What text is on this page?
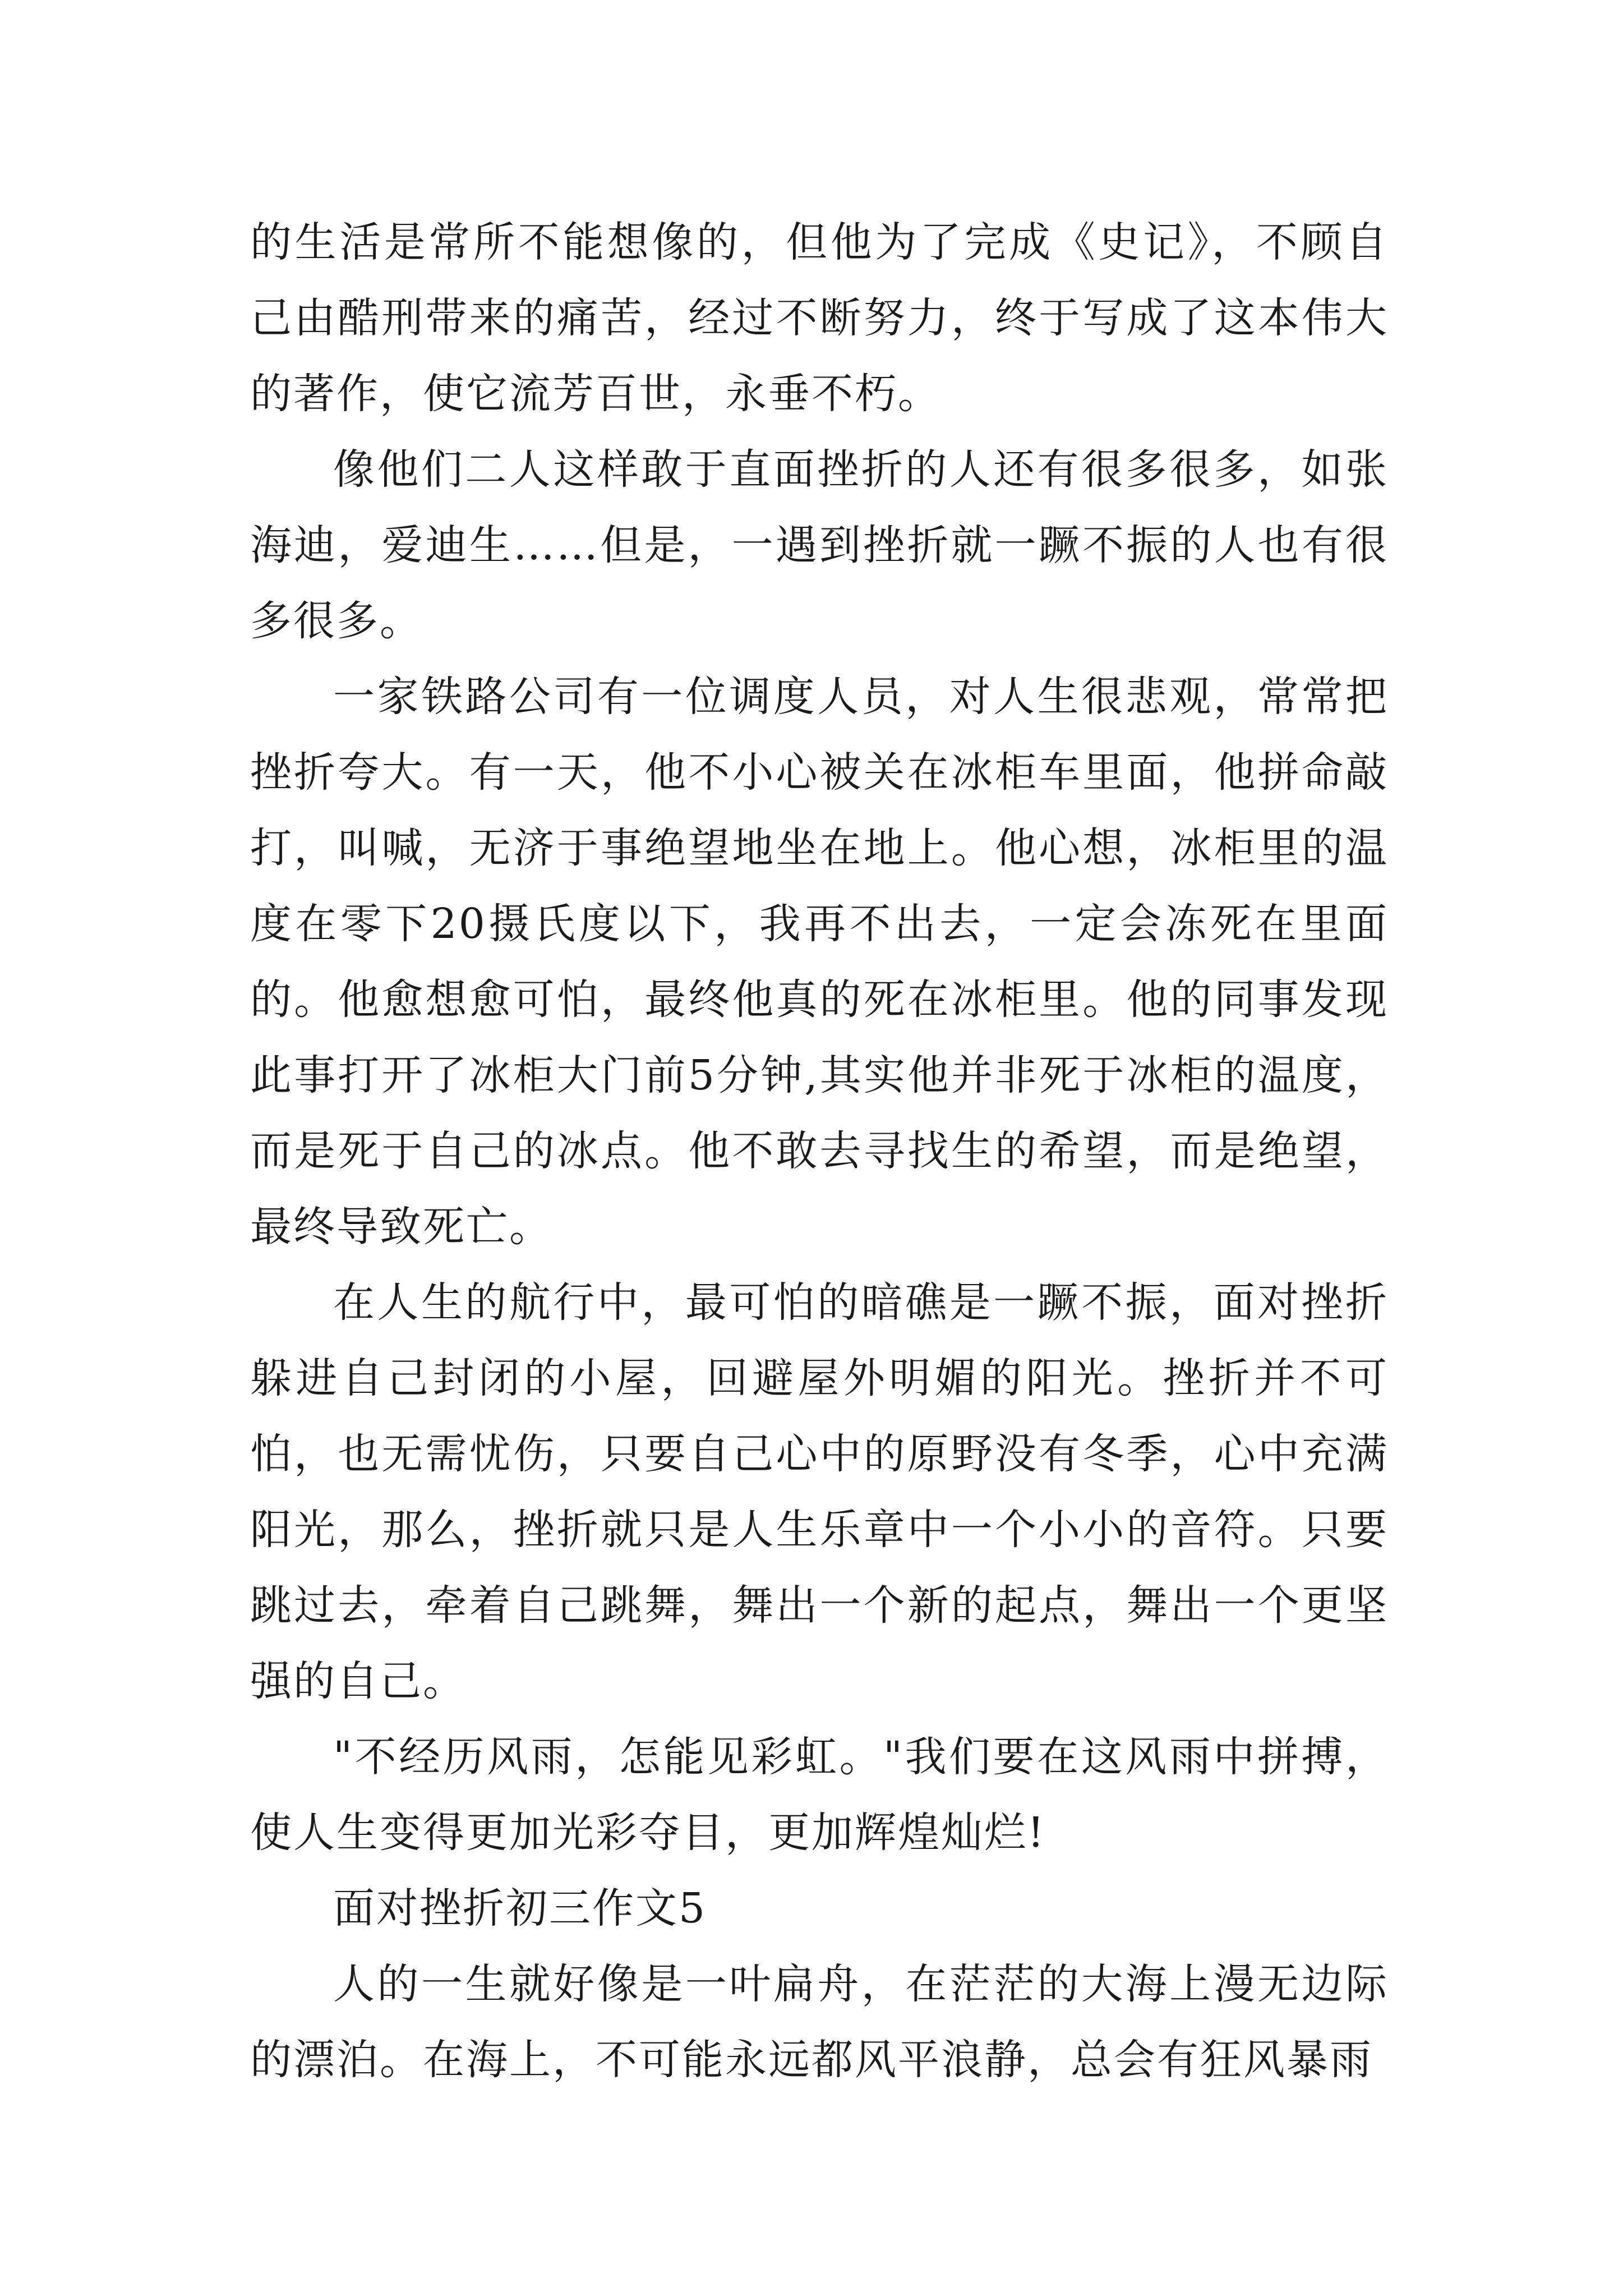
的生活是常所不能想像的，但他为了完成《史记》，不顾自己由酷刑带来的痛苦，经过不断努力，终于写成了这本伟大的著作，使它流芳百世，永垂不朽。

像他们二人这样敢于直面挫折的人还有很多很多，如张海迪，爱迪生……但是，一遇到挫折就一蹶不振的人也有很多很多。

一家铁路公司有一位调度人员，对人生很悲观，常常把挫折夸大。有一天，他不小心被关在冰柜车里面，他拼命敲打，叫喊，无济于事绝望地坐在地上。他心想，冰柜里的温度在零下20摄氏度以下，我再不出去，一定会冻死在里面的。他愈想愈可怕，最终他真的死在冰柜里。他的同事发现此事打开了冰柜大门前5分钟,其实他并非死于冰柜的温度，而是死于自己的冰点。他不敢去寻找生的希望，而是绝望，最终导致死亡。

在人生的航行中，最可怕的暗礁是一蹶不振，面对挫折躲进自己封闭的小屋，回避屋外明媚的阳光。挫折并不可怕，也无需忧伤，只要自己心中的原野没有冬季，心中充满阳光，那么，挫折就只是人生乐章中一个小小的音符。只要跳过去，牵着自己跳舞，舞出一个新的起点，舞出一个更坚强的自己。

"不经历风雨，怎能见彩虹。"我们要在这风雨中拼搏，使人生变得更加光彩夺目，更加辉煌灿烂!

面对挫折初三作文5

人的一生就好像是一叶扁舟，在茫茫的大海上漫无边际的漂泊。在海上，不可能永远都风平浪静，总会有狂风暴雨
